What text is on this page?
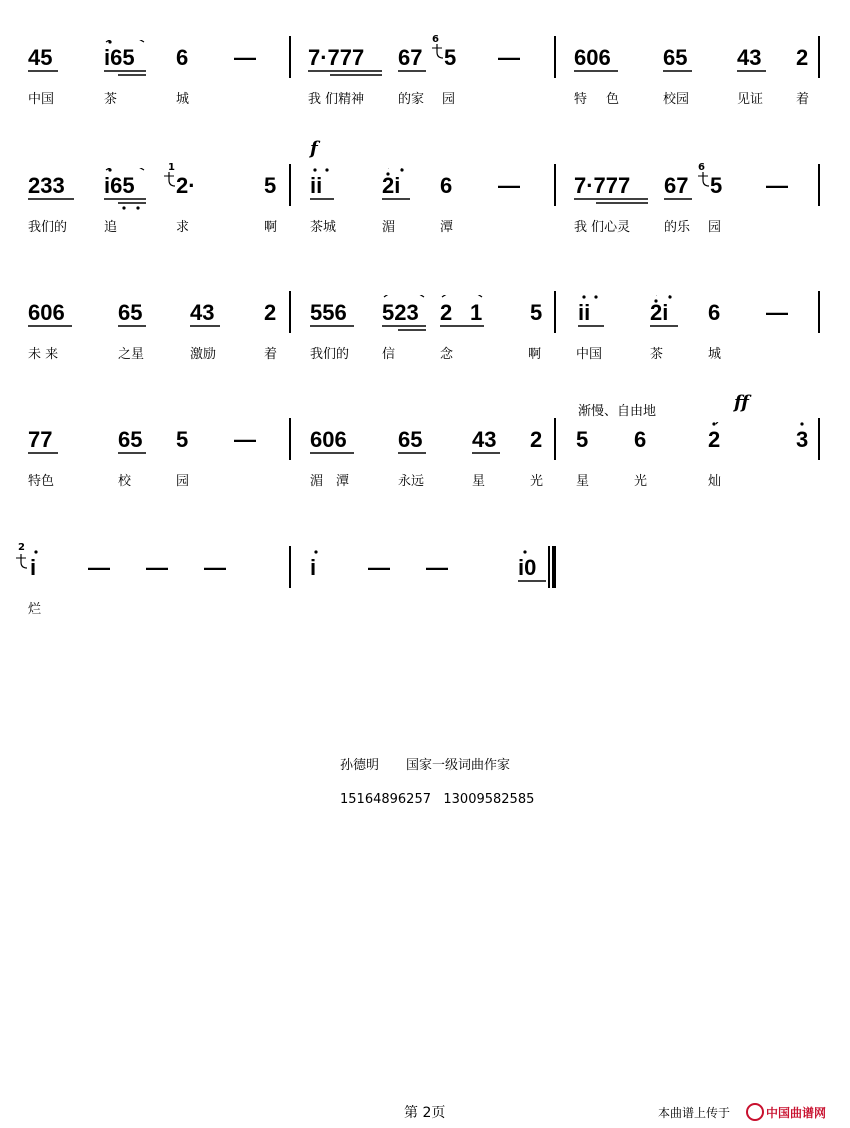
45 i65 6 — 7·777 67
6
5 — 606 65 43 2
中国	茶	城	我 们精神	的家 园	特 色	校园	见证	着
f
233 i65
1
2·	5 ii	2i 6 — 7·777 67
6
5 —
我们的	追	求	啊	茶城	湄	潭	我 们心灵	的乐 园
606 65 43 2 556 523 2 1 5 ii	2i 6 —
未 来	之星	激励	着	我们的	信	念	啊	中国	茶	城
渐慢、自由地	ff
77	65 5 — 606 65 43 2 5 6	2	3
特色	校	园	湄 潭	永远	星	光	星	光	灿
2
i — — —	i — —	i0
烂
孙德明 国家一级词曲作家
15164896257   13009582585
第 2页	本曲谱上传于	中国曲谱网
